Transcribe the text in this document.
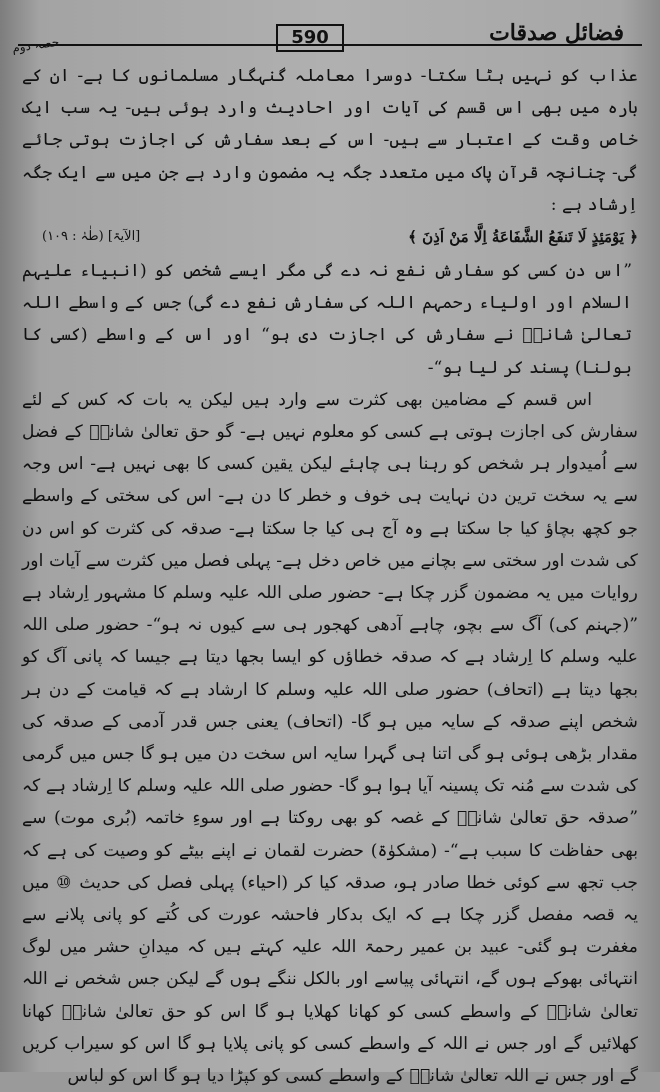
فضائل صدقات
590
حصہ دوم

عذاب کو نہیں ہٹا سکتا- دوسرا معاملہ گنہگار مسلمانوں کا ہے- ان کے بارہ میں بھی اس قسم کی آیات اور احادیث وارد ہوئی ہیں- یہ سب ایک خاص وقت کے اعتبار سے ہیں- اس کے بعد سفارش کی اجازت ہوتی جائے گی- چنانچہ قرآنِ پاک میں متعدد جگہ یہ مضمون وارد ہے جن میں سے ایک جگہ اِرشاد ہے :

﴿ يَوْمَئِذٍ لَا تَنفَعُ الشَّفَاعَةُ اِلَّا مَنْ اَذِنَ ﴾
[الآیۃ] (طٰہٰ : ۱۰۹)

”اس دن کسی کو سفارش نفع نہ دے گی مگر ایسے شخص کو (انبیاء علیہم السلام اور اولیاء رحمہم اللہ کی سفارش نفع دے گی) جس کے واسطے اللہ تعالیٰ شانہٗ نے سفارش کی اجازت دی ہو“ اور اس کے واسطے (کسی کا بولنا) پسند کر لیا ہو“-

اس قسم کے مضامین بھی کثرت سے وارد ہیں لیکن یہ بات کہ کس کے لئے سفارش کی اجازت ہوتی ہے کسی کو معلوم نہیں ہے- گو حق تعالیٰ شانہٗ کے فضل سے اُمیدوار ہر شخص کو رہنا ہی چاہئے لیکن یقین کسی کا بھی نہیں ہے- اس وجہ سے یہ سخت ترین دن نہایت ہی خوف و خطر کا دن ہے- اس کی سختی کے واسطے جو کچھ بچاؤ کیا جا سکتا ہے وہ آج ہی کیا جا سکتا ہے- صدقہ کی کثرت کو اس دن کی شدت اور سختی سے بچانے میں خاص دخل ہے- پہلی فصل میں کثرت سے آیات اور روایات میں یہ مضمون گزر چکا ہے- حضور صلی اللہ علیہ وسلم کا مشہور اِرشاد ہے ”(جہنم کی) آگ سے بچو، چاہے آدھی کھجور ہی سے کیوں نہ ہو“- حضور صلی اللہ علیہ وسلم کا اِرشاد ہے کہ صدقہ خطاؤں کو ایسا بجھا دیتا ہے جیسا کہ پانی آگ کو بجھا دیتا ہے (اتحاف) حضور صلی اللہ علیہ وسلم کا ارشاد ہے کہ قیامت کے دن ہر شخص اپنے صدقہ کے سایہ میں ہو گا- (اتحاف) یعنی جس قدر آدمی کے صدقہ کی مقدار بڑھی ہوئی ہو گی اتنا ہی گہرا سایہ اس سخت دن میں ہو گا جس میں گرمی کی شدت سے مُنہ تک پسینہ آیا ہوا ہو گا- حضور صلی اللہ علیہ وسلم کا اِرشاد ہے کہ ”صدقہ حق تعالیٰ شانہٗ کے غصہ کو بھی روکتا ہے اور سوءِ خاتمہ (بُری موت) سے بھی حفاظت کا سبب ہے“- (مشکوٰۃ) حضرت لقمان نے اپنے بیٹے کو وصیت کی ہے کہ جب تجھ سے کوئی خطا صادر ہو، صدقہ کیا کر (احیاء) پہلی فصل کی حدیث ⑩ میں یہ قصہ مفصل گزر چکا ہے کہ ایک بدکار فاحشہ عورت کی کُتے کو پانی پلانے سے مغفرت ہو گئی- عبید بن عمیر رحمۃ اللہ علیہ کہتے ہیں کہ میدانِ حشر میں لوگ انتہائی بھوکے ہوں گے، انتہائی پیاسے اور بالکل ننگے ہوں گے لیکن جس شخص نے اللہ تعالیٰ شانہٗ کے واسطے کسی کو کھانا کھلایا ہو گا اس کو حق تعالیٰ شانہٗ کھانا کھلائیں گے اور جس نے اللہ کے واسطے کسی کو پانی پلایا ہو گا اس کو سیراب کریں گے اور جس نے اللہ تعالیٰ شانہٗ کے واسطے کسی کو کپڑا دیا ہو گا اس کو لباس
